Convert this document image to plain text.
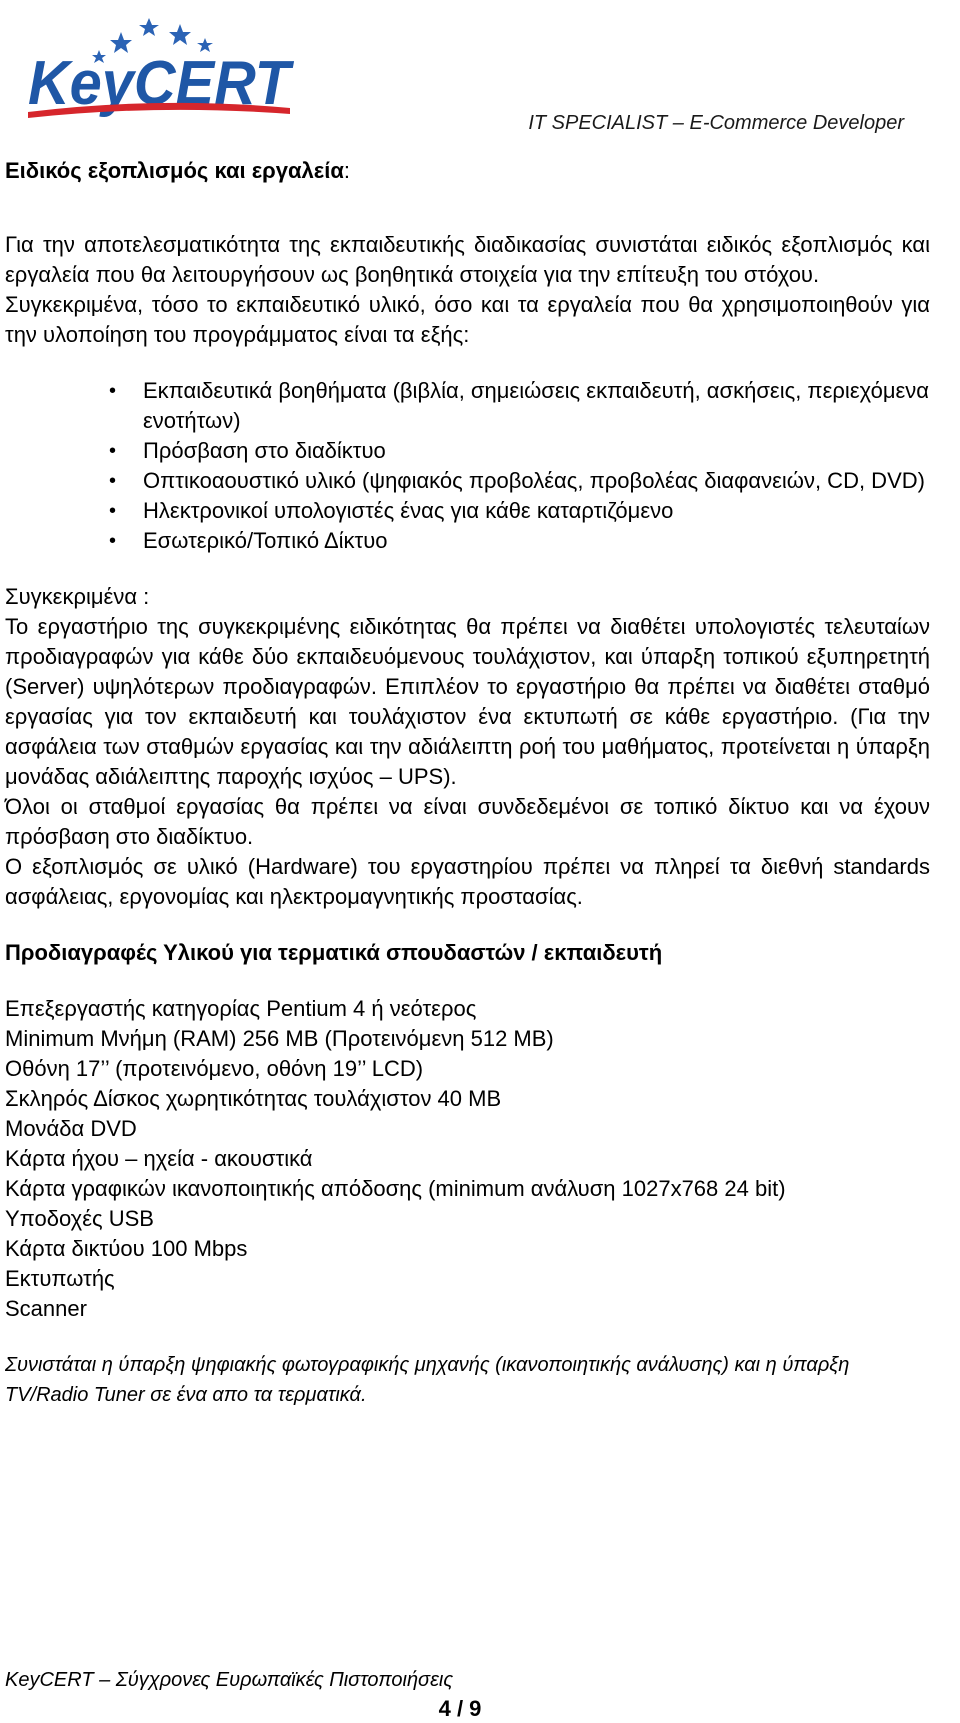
KeyCERT
IT SPECIALIST – E-Commerce Developer

Ειδικός εξοπλισμός και εργαλεία:

Για την αποτελεσματικότητα της εκπαιδευτικής διαδικασίας συνιστάται ειδικός εξοπλισμός και εργαλεία που θα λειτουργήσουν ως βοηθητικά στοιχεία για την επίτευξη του στόχου.

Συγκεκριμένα, τόσο το εκπαιδευτικό υλικό, όσο και τα εργαλεία που θα χρησιμοποιηθούν για την υλοποίηση του προγράμματος είναι τα εξής:

• Εκπαιδευτικά βοηθήματα (βιβλία, σημειώσεις εκπαιδευτή, ασκήσεις, περιεχόμενα ενοτήτων)
• Πρόσβαση στο διαδίκτυο
• Οπτικοαουστικό υλικό (ψηφιακός προβολέας, προβολέας διαφανειών, CD, DVD)
• Ηλεκτρονικοί υπολογιστές ένας για κάθε καταρτιζόμενο
• Εσωτερικό/Τοπικό Δίκτυο

Συγκεκριμένα :

Το εργαστήριο της συγκεκριμένης ειδικότητας θα πρέπει να διαθέτει υπολογιστές τελευταίων προδιαγραφών για κάθε δύο εκπαιδευόμενους τουλάχιστον, και ύπαρξη τοπικού εξυπηρετητή (Server) υψηλότερων προδιαγραφών. Επιπλέον το εργαστήριο θα πρέπει να διαθέτει σταθμό εργασίας για τον εκπαιδευτή και τουλάχιστον ένα εκτυπωτή σε κάθε εργαστήριο. (Για την ασφάλεια των σταθμών εργασίας και την αδιάλειπτη ροή του μαθήματος, προτείνεται η ύπαρξη μονάδας αδιάλειπτης παροχής ισχύος – UPS).

Όλοι οι σταθμοί εργασίας θα πρέπει να είναι συνδεδεμένοι σε τοπικό δίκτυο και να έχουν πρόσβαση στο διαδίκτυο.

Ο εξοπλισμός σε υλικό (Hardware) του εργαστηρίου πρέπει να πληρεί τα διεθνή standards ασφάλειας, εργονομίας και ηλεκτρομαγνητικής προστασίας.

Προδιαγραφές Υλικού για τερματικά σπουδαστών / εκπαιδευτή

Επεξεργαστής κατηγορίας Pentium 4 ή νεότερος
Minimum Μνήμη (RAM) 256 MB (Προτεινόμενη 512 MB)
Οθόνη 17’’ (προτεινόμενο, οθόνη 19’’ LCD)
Σκληρός Δίσκος χωρητικότητας τουλάχιστον 40 MB
Μονάδα DVD
Κάρτα ήχου – ηχεία - ακουστικά
Κάρτα γραφικών ικανοποιητικής απόδοσης (minimum ανάλυση 1027x768 24 bit)
Υποδοχές USB
Κάρτα δικτύου 100 Mbps
Εκτυπωτής
Scanner

Συνιστάται η ύπαρξη ψηφιακής φωτογραφικής μηχανής (ικανοποιητικής ανάλυσης) και η ύπαρξη TV/Radio Tuner σε ένα απο τα τερματικά.

KeyCERT – Σύγχρονες Ευρωπαϊκές Πιστοποιήσεις
4 / 9
